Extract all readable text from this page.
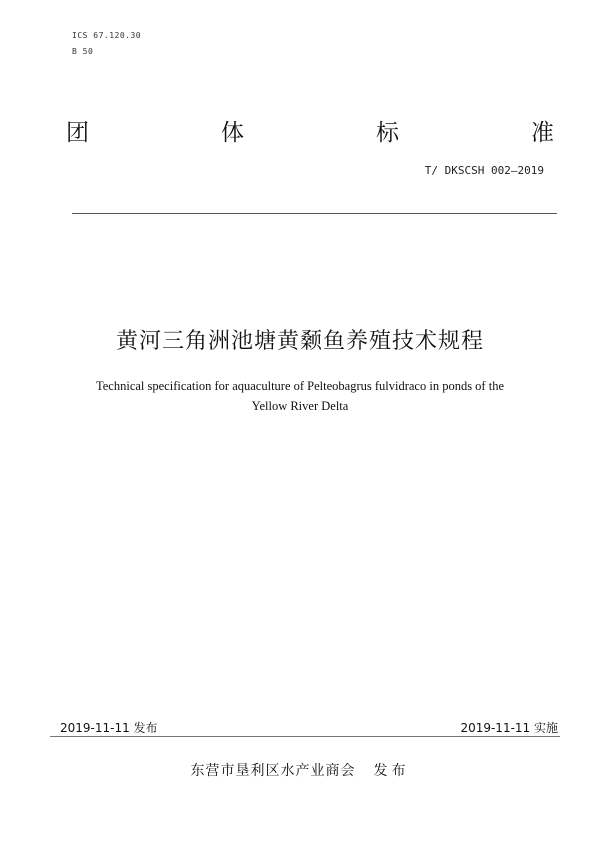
ICS 67.120.30
B 50
团	体	标	准
T/ DKSCSH 002—2019
黄河三角洲池塘黄颡鱼养殖技术规程
Technical specification for aquaculture of Pelteobagrus fulvidraco in ponds of the
Yellow River Delta
2019-11-11 发布	2019-11-11 实施
东营市垦利区水产业商会 发布
